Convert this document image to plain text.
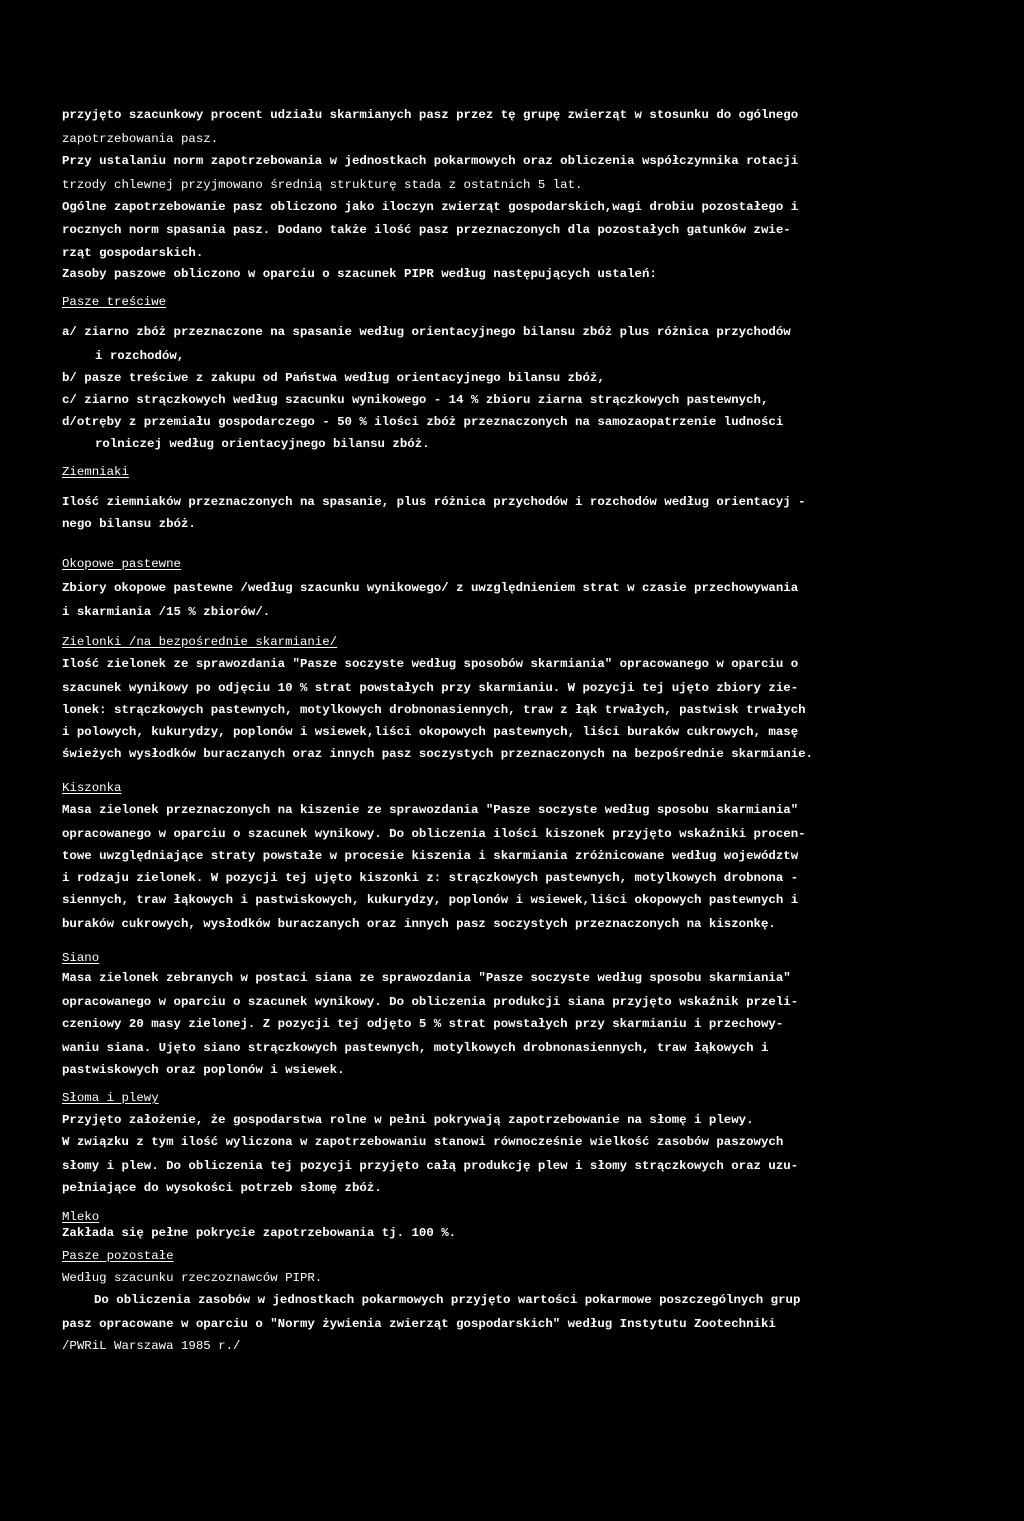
przyjęto szacunkowy procent udziału skarmianych pasz przez tę grupę zwierząt w stosunku do ogólnego
zapotrzebowania pasz.
Przy ustalaniu norm zapotrzebowania w jednostkach pokarmowych oraz obliczenia współczynnika rotacji
trzody chlewnej przyjmowano średnią strukturę stada z ostatnich 5 lat.
Ogólne zapotrzebowanie pasz obliczono jako iloczyn zwierząt gospodarskich,wagi drobiu pozostałego i
rocznych norm spasania pasz. Dodano także ilość pasz przeznaczonych dla pozostałych gatunków zwie-
rząt gospodarskich.
Zasoby paszowe obliczono w oparciu o szacunek PIPR według następujących ustaleń:
Pasze treściwe
a/ ziarno zbóż przeznaczone na spasanie według orientacyjnego bilansu zbóż plus różnica przychodów
i rozchodów,
b/ pasze treściwe z zakupu od Państwa według orientacyjnego bilansu zbóż,
c/ ziarno strączkowych według szacunku wynikowego - 14 % zbioru ziarna strączkowych pastewnych,
d/otręby z przemiału gospodarczego - 50 % ilości zbóż przeznaczonych na samozaopatrzenie ludności
rolniczej według orientacyjnego bilansu zbóż.
Ziemniaki
Ilość ziemniaków przeznaczonych na spasanie, plus różnica przychodów i rozchodów według orientacyj -
nego bilansu zbóż.
Okopowe pastewne
Zbiory okopowe pastewne /według szacunku wynikowego/ z uwzględnieniem strat w czasie przechowywania
i skarmiania /15 % zbiorów/.
Zielonki /na bezpośrednie skarmianie/
Ilość zielonek ze sprawozdania "Pasze soczyste według sposobów skarmiania" opracowanego w oparciu o
szacunek wynikowy po odjęciu 10 % strat powstałych przy skarmianiu. W pozycji tej ujęto zbiory zie-
lonek: strączkowych pastewnych, motylkowych drobnonasiennych, traw z łąk trwałych, pastwisk trwałych
i polowych, kukurydzy, poplonów i wsiewek,liści okopowych pastewnych, liści buraków cukrowych, masę
świeżych wysłodków buraczanych oraz innych pasz soczystych przeznaczonych na bezpośrednie skarmianie.
Kiszonka
Masa zielonek przeznaczonych na kiszenie ze sprawozdania "Pasze soczyste według sposobu skarmiania"
opracowanego w oparciu o szacunek wynikowy. Do obliczenia ilości kiszonek przyjęto wskaźniki procen-
towe uwzględniające straty powstałe w procesie kiszenia i skarmiania zróżnicowane według województw
i rodzaju zielonek. W pozycji tej ujęto kiszonki z: strączkowych pastewnych, motylkowych drobnona -
siennych, traw łąkowych i pastwiskowych, kukurydzy, poplonów i wsiewek,liści okopowych pastewnych i
buraków cukrowych, wysłodków buraczanych oraz innych pasz soczystych przeznaczonych na kiszonkę.
Siano
Masa zielonek zebranych w postaci siana ze sprawozdania "Pasze soczyste według sposobu skarmiania"
opracowanego w oparciu o szacunek wynikowy. Do obliczenia produkcji siana przyjęto wskaźnik przeli-
czeniowy 20 masy zielonej. Z pozycji tej odjęto 5 % strat powstałych przy skarmianiu i przechowy-
waniu siana. Ujęto siano strączkowych pastewnych, motylkowych drobnonasiennych, traw łąkowych i
pastwiskowych oraz poplonów i wsiewek.
Słoma i plewy
Przyjęto założenie, że gospodarstwa rolne w pełni pokrywają zapotrzebowanie na słomę i plewy.
W związku z tym ilość wyliczona w zapotrzebowaniu stanowi równocześnie wielkość zasobów paszowych
słomy i plew. Do obliczenia tej pozycji przyjęto całą produkcję plew i słomy strączkowych oraz uzu-
pełniające do wysokości potrzeb słomę zbóż.
Mleko
Zakłada się pełne pokrycie zapotrzebowania tj. 100 %.
Pasze pozostałe
Według szacunku rzeczoznawców PIPR.
Do obliczenia zasobów w jednostkach pokarmowych przyjęto wartości pokarmowe poszczególnych grup
pasz opracowane w oparciu o "Normy żywienia zwierząt gospodarskich" według Instytutu Zootechniki
/PWRiL Warszawa 1985 r./
